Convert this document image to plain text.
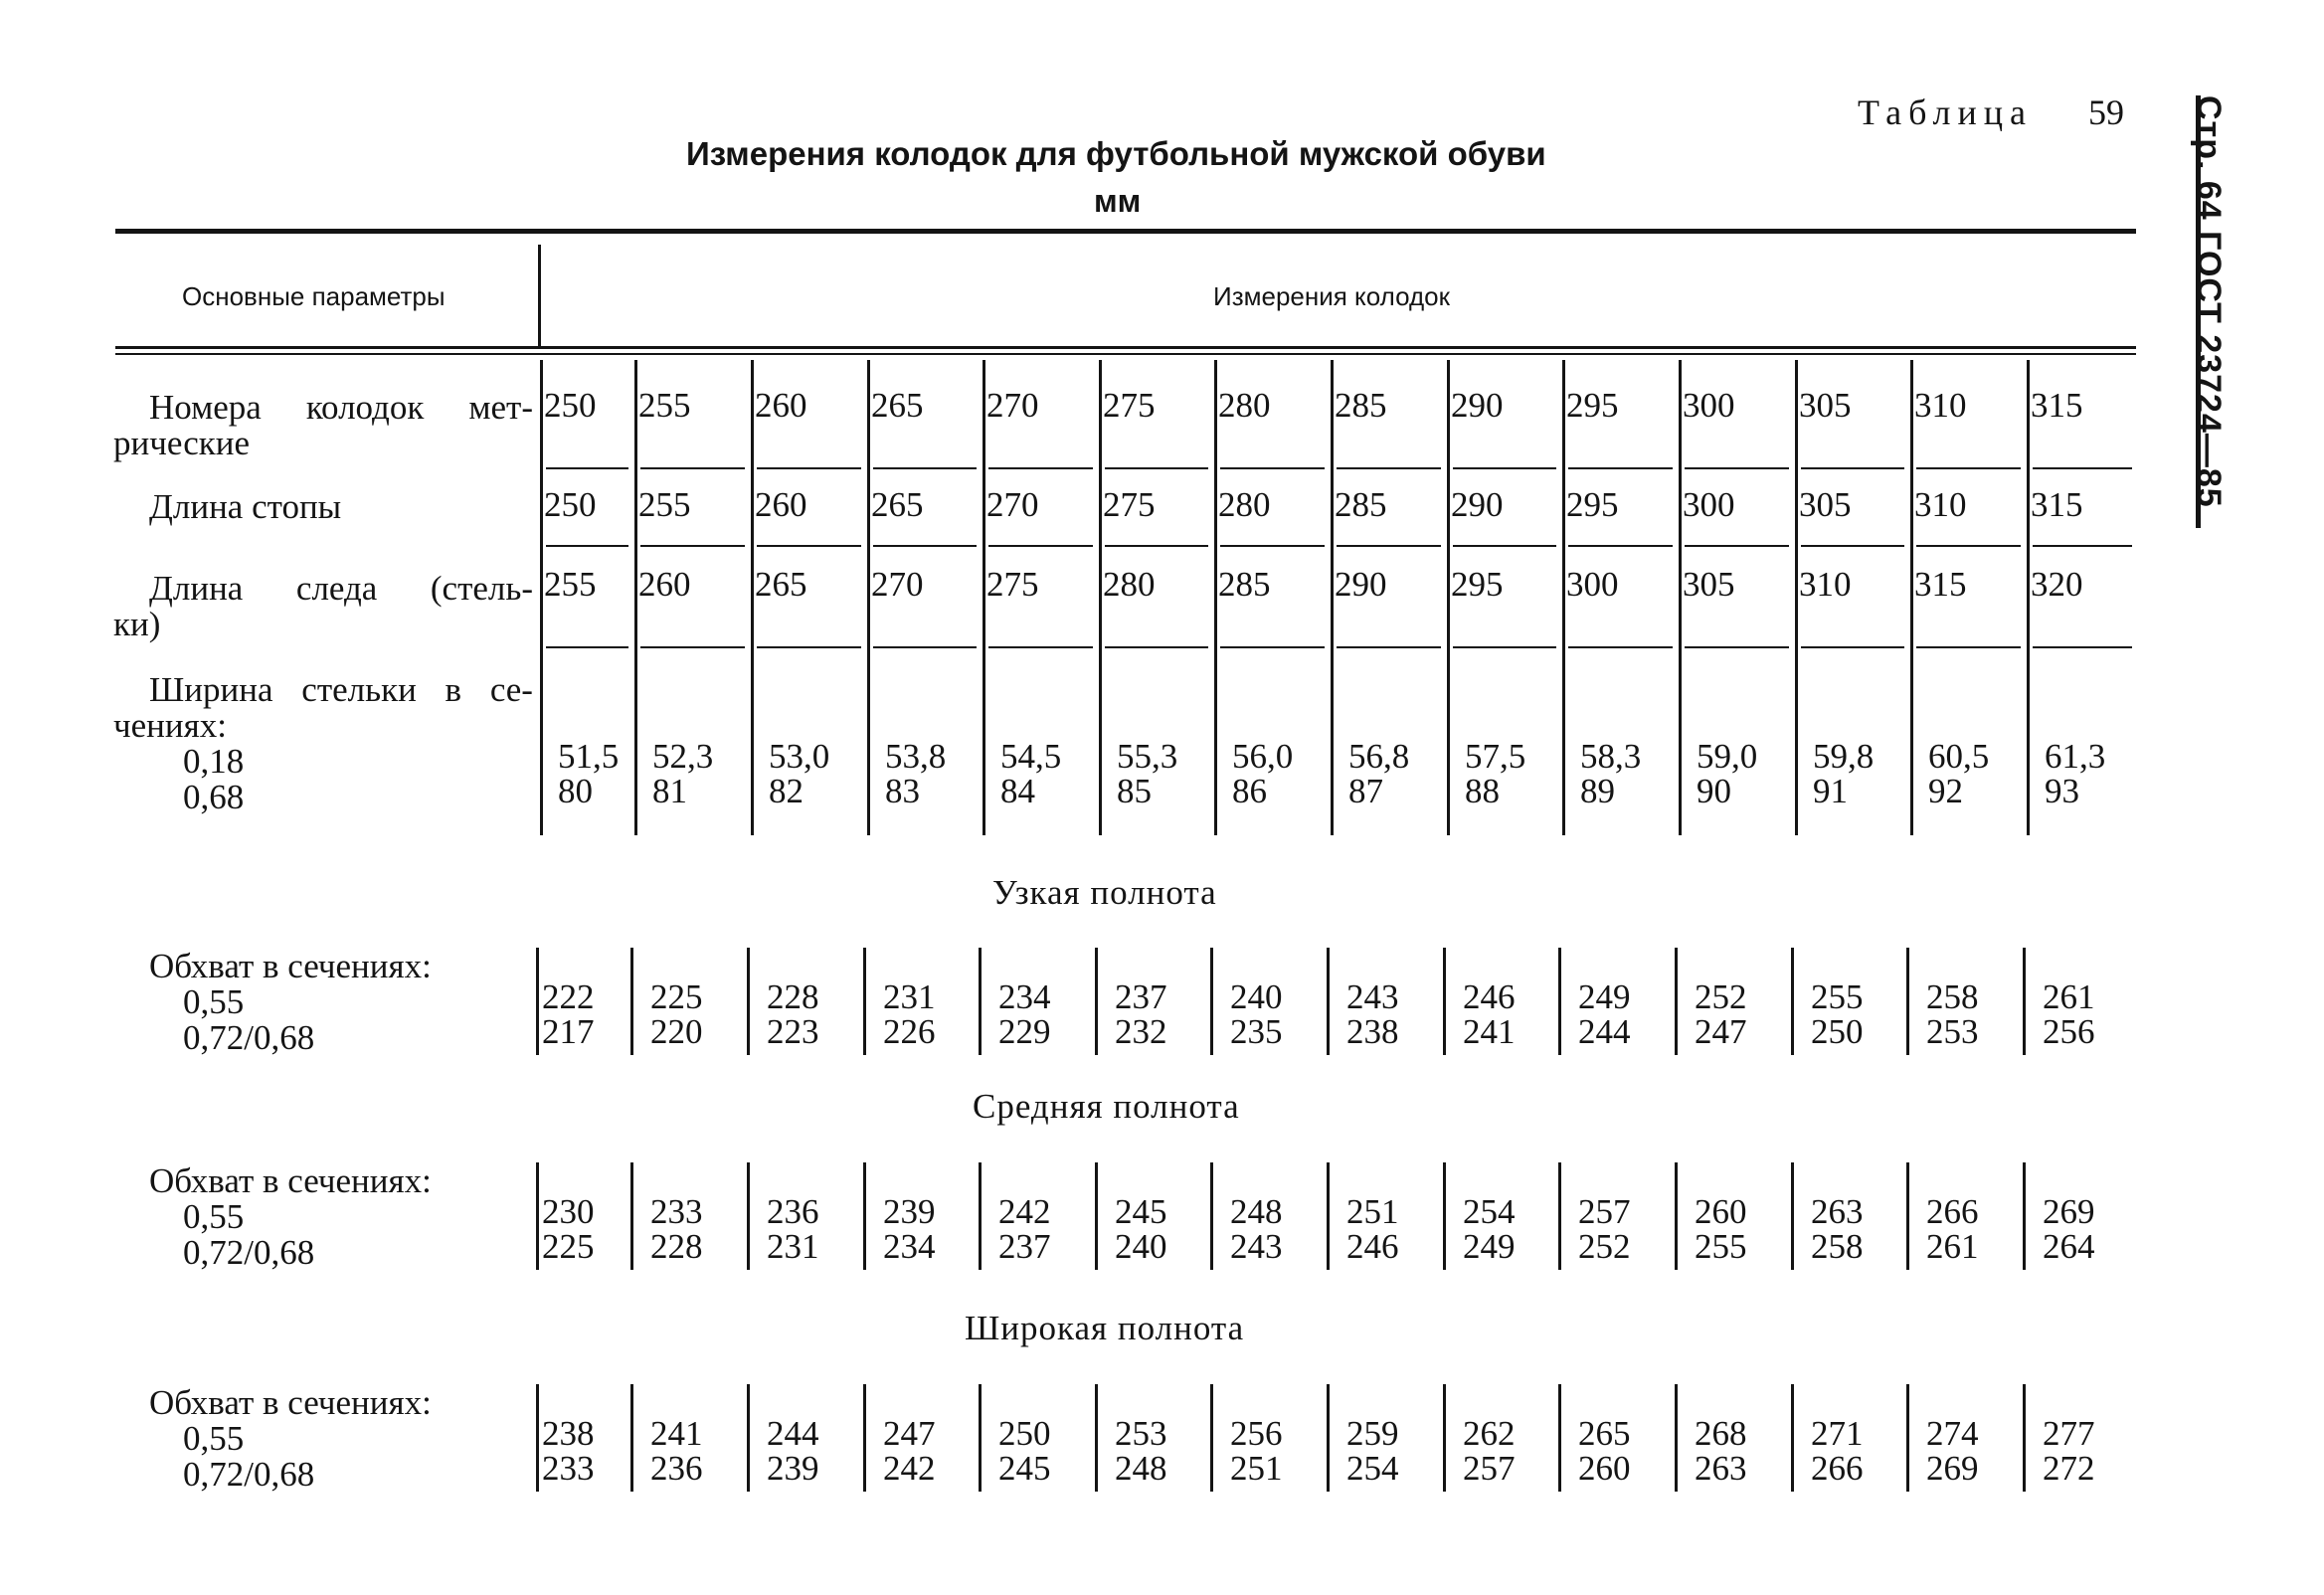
Стр. 64 ГОСТ 23724—85
Таблица 59
Измерения колодок для футбольной мужской обуви
мм
Основные параметры	Измерения колодок
Номера колодок мет-
рические
Длина стопы
Длина следа (стель-
ки)
Ширина стельки в се-
чениях:
0,18
0,68
Узкая полнота
Средняя полнота
Широкая полнота
Обхват в сечениях:
0,55
0,72/0,68
Обхват в сечениях:
0,55
0,72/0,68
Обхват в сечениях:
0,55
0,72/0,68
250 255 260 265 270 275 280 285 290 295 300 305 310 315
250 255 260 265 270 275 280 285 290 295 300 305 310 315
255 260 265 270 275 280 285 290 295 300 305 310 315 320
51,5 52,3 53,0 53,8 54,5 55,3 56,0 56,8 57,5 58,3 59,0 59,8 60,5 61,3
80 81 82 83 84 85 86 87 88 89 90 91 92 93
222 225 228 231 234 237 240 243 246 249 252 255 258 261
217 220 223 226 229 232 235 238 241 244 247 250 253 256
230 233 236 239 242 245 248 251 254 257 260 263 266 269
225 228 231 234 237 240 243 246 249 252 255 258 261 264
238 241 244 247 250 253 256 259 262 265 268 271 274 277
233 236 239 242 245 248 251 254 257 260 263 266 269 272
